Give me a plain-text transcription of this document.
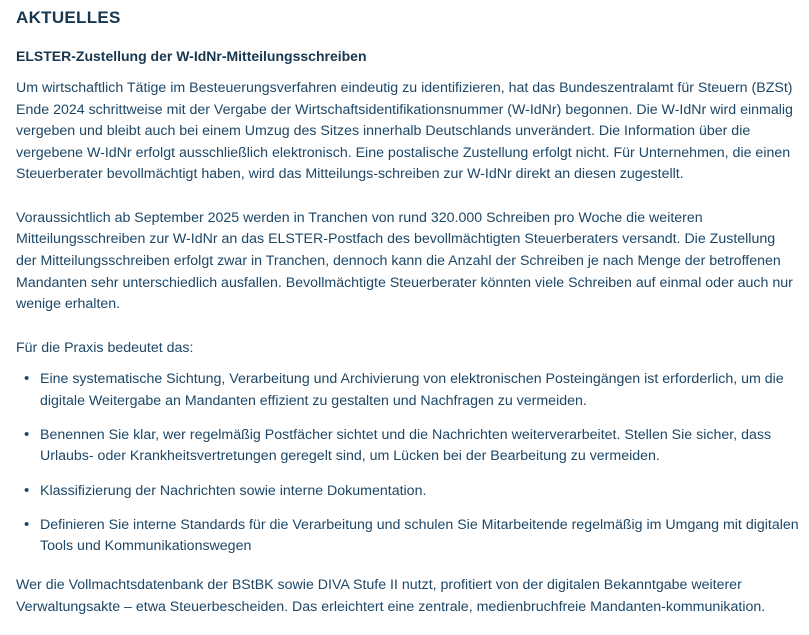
AKTUELLES
ELSTER-Zustellung der W-IdNr-Mitteilungsschreiben

Um wirtschaftlich Tätige im Besteuerungsverfahren eindeutig zu identifizieren, hat das Bundeszentralamt für Steuern (BZSt) Ende 2024 schrittweise mit der Vergabe der Wirtschaftsidentifikationsnummer (W-IdNr) begonnen. Die W-IdNr wird einmalig vergeben und bleibt auch bei einem Umzug des Sitzes innerhalb Deutschlands unverändert. Die Information über die vergebene W-IdNr erfolgt ausschließlich elektronisch. Eine postalische Zustellung erfolgt nicht. Für Unternehmen, die einen Steuerberater bevollmächtigt haben, wird das Mitteilungs-schreiben zur W-IdNr direkt an diesen zugestellt.

Voraussichtlich ab September 2025 werden in Tranchen von rund 320.000 Schreiben pro Woche die weiteren Mitteilungsschreiben zur W-IdNr an das ELSTER-Postfach des bevollmächtigten Steuerberaters versandt. Die Zustellung der Mitteilungsschreiben erfolgt zwar in Tranchen, dennoch kann die Anzahl der Schreiben je nach Menge der betroffenen Mandanten sehr unterschiedlich ausfallen. Bevollmächtigte Steuerberater könnten viele Schreiben auf einmal oder auch nur wenige erhalten.

Für die Praxis bedeutet das:

• Eine systematische Sichtung, Verarbeitung und Archivierung von elektronischen Posteingängen ist erforderlich, um die digitale Weitergabe an Mandanten effizient zu gestalten und Nachfragen zu vermeiden.
• Benennen Sie klar, wer regelmäßig Postfächer sichtet und die Nachrichten weiterverarbeitet. Stellen Sie sicher, dass Urlaubs- oder Krankheitsvertretungen geregelt sind, um Lücken bei der Bearbeitung zu vermeiden.
• Klassifizierung der Nachrichten sowie interne Dokumentation.
• Definieren Sie interne Standards für die Verarbeitung und schulen Sie Mitarbeitende regelmäßig im Umgang mit digitalen Tools und Kommunikationswegen

Wer die Vollmachtsdatenbank der BStBK sowie DIVA Stufe II nutzt, profitiert von der digitalen Bekanntgabe weiterer Verwaltungsakte – etwa Steuerbescheiden. Das erleichtert eine zentrale, medienbruchfreie Mandanten-kommunikation.
